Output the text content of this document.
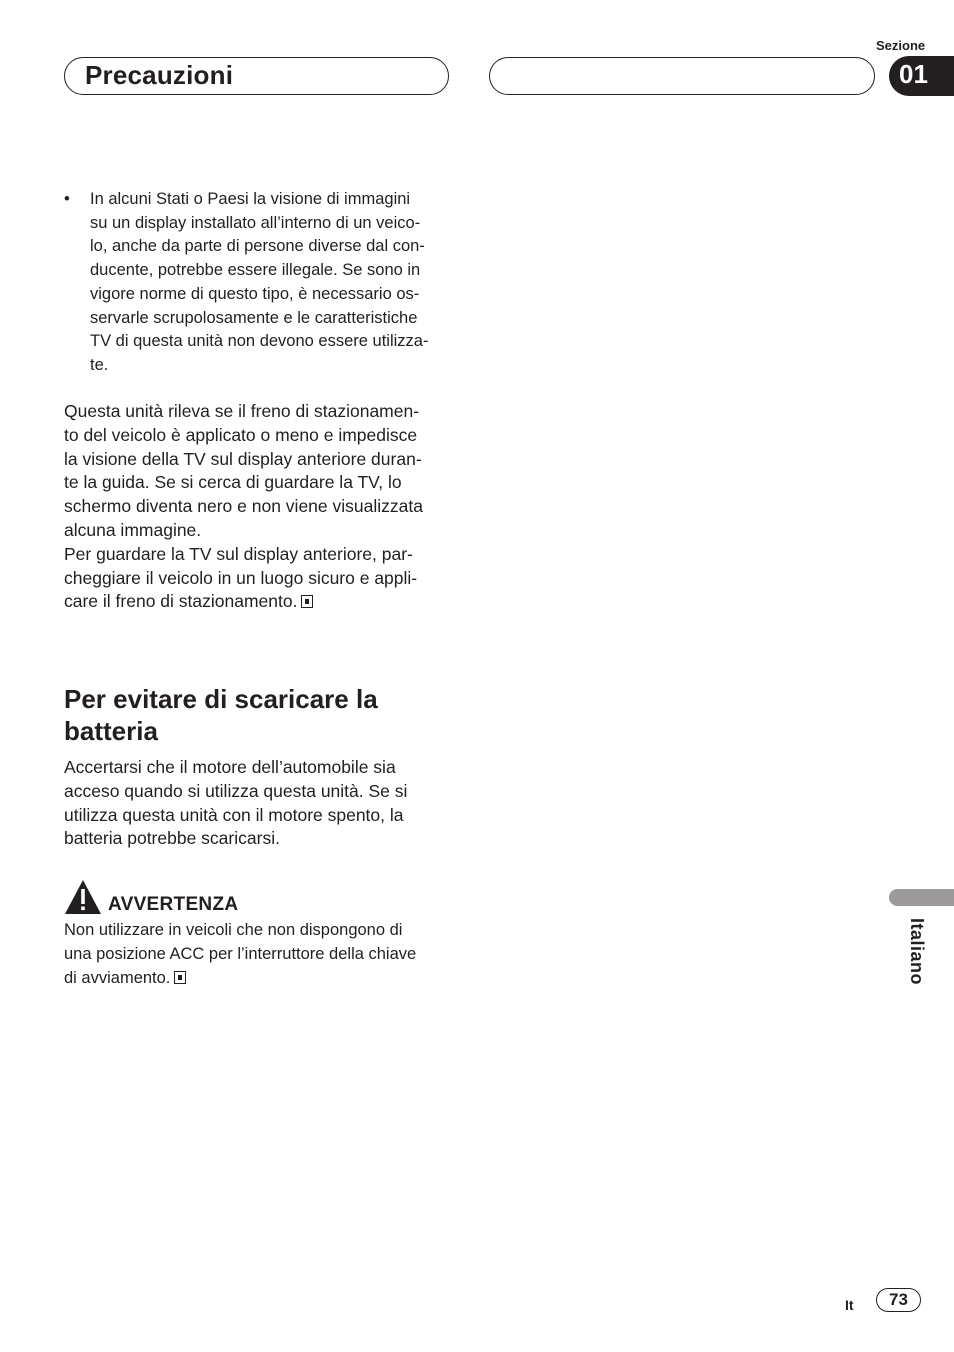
Precauzioni
Sezione
01
• In alcuni Stati o Paesi la visione di immagini
su un display installato all’interno di un veico-
lo, anche da parte di persone diverse dal con-
ducente, potrebbe essere illegale. Se sono in
vigore norme di questo tipo, è necessario os-
servarle scrupolosamente e le caratteristiche
TV di questa unità non devono essere utilizza-
te.
Questa unità rileva se il freno di stazionamen-
to del veicolo è applicato o meno e impedisce
la visione della TV sul display anteriore duran-
te la guida. Se si cerca di guardare la TV, lo
schermo diventa nero e non viene visualizzata
alcuna immagine.
Per guardare la TV sul display anteriore, par-
cheggiare il veicolo in un luogo sicuro e appli-
care il freno di stazionamento.
Per evitare di scaricare la
batteria
Accertarsi che il motore dell’automobile sia
acceso quando si utilizza questa unità. Se si
utilizza questa unità con il motore spento, la
batteria potrebbe scaricarsi.
AVVERTENZA
Non utilizzare in veicoli che non dispongono di
una posizione ACC per l’interruttore della chiave
di avviamento.	Italiano
It	73
